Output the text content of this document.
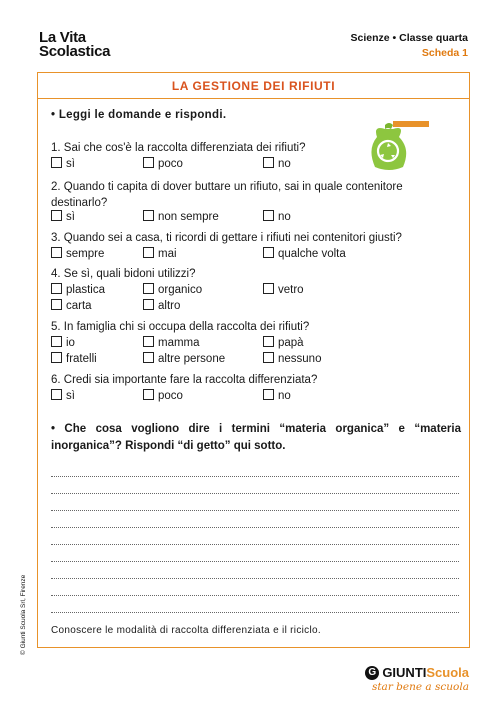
La Vita
Scolastica
Scienze • Classe quarta
Scheda 1
LA GESTIONE DEI RIFIUTI
• Leggi le domande e rispondi.
1. Sai che cos'è la raccolta differenziata dei rifiuti?
sì	poco	no
2. Quando ti capita di dover buttare un rifiuto, sai in quale contenitore destinarlo?
sì	non sempre	no
3. Quando sei a casa, ti ricordi di gettare i rifiuti nei contenitori giusti?
sempre	mai	qualche volta
4. Se sì, quali bidoni utilizzi?
plastica	organico	vetro
carta	altro
5. In famiglia chi si occupa della raccolta dei rifiuti?
io	mamma	papà
fratelli	altre persone	nessuno
6. Credi sia importante fare la raccolta differenziata?
sì	poco	no
• Che cosa vogliono dire i termini “materia organica” e “materia inorganica”? Rispondi “di getto” qui sotto.
Conoscere le modalità di raccolta differenziata e il riciclo.
© Giunti Scuola Srl, Firenze
G GIUNTI Scuola
star bene a scuola
